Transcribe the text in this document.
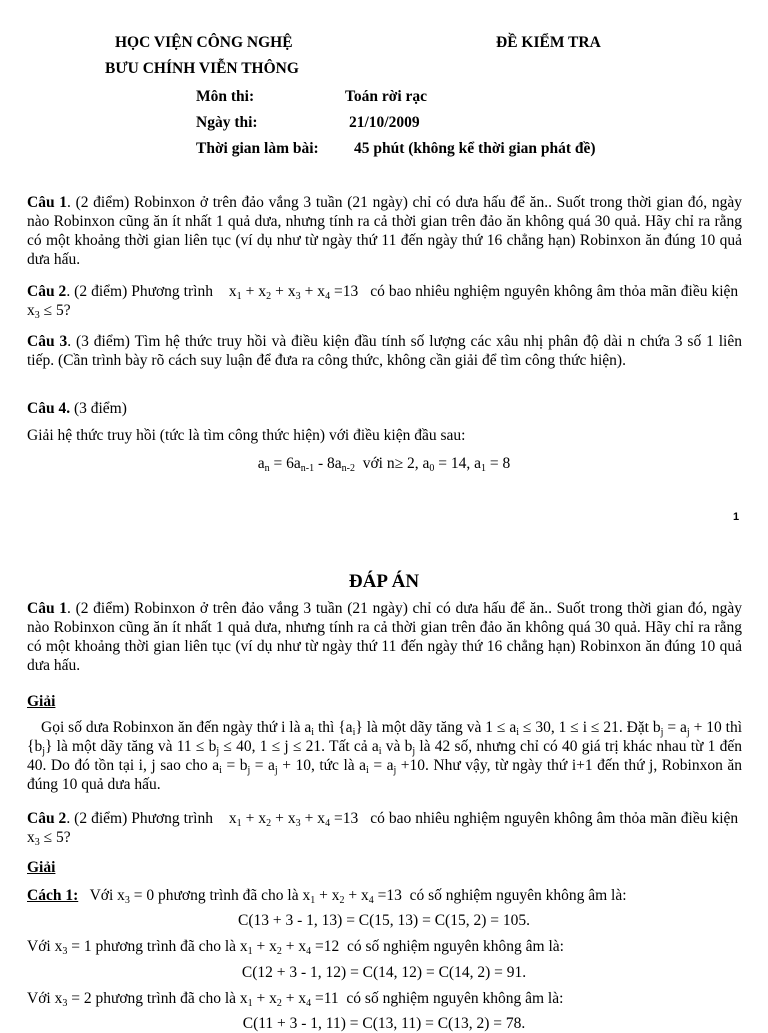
HỌC VIỆN CÔNG NGHỆ
BƯU CHÍNH VIỄN THÔNG
ĐỀ KIỂM TRA
Môn thi:	Toán rời rạc
Ngày thi:	21/10/2009
Thời gian làm bài: 45 phút (không kể thời gian phát đề)
Câu 1. (2 điểm) Robinxon ở trên đảo vắng 3 tuần (21 ngày) chỉ có dưa hấu để ăn.. Suốt trong thời gian đó, ngày nào Robinxon cũng ăn ít nhất 1 quả dưa, nhưng tính ra cả thời gian trên đảo ăn không quá 30 quả. Hãy chỉ ra rằng có một khoảng thời gian liên tục (ví dụ như từ ngày thứ 11 đến ngày thứ 16 chẳng hạn) Robinxon ăn đúng 10 quả dưa hấu.
Câu 2. (2 điểm) Phương trình $x_1 + x_2 + x_3 + x_4 =13$ có bao nhiêu nghiệm nguyên không âm thỏa mãn điều kiện  $x_3 \le 5$?
Câu 3. (3 điểm) Tìm hệ thức truy hồi và điều kiện đầu tính số lượng các xâu nhị phân độ dài n chứa 3 số 1 liên tiếp. (Cần trình bày rõ cách suy luận để đưa ra công thức, không cần giải để tìm công thức hiện).
Câu 4. (3 điểm)
Giải hệ thức truy hồi (tức là tìm công thức hiện) với điều kiện đầu sau:
$a_n = 6a_{n-1} - 8a_{n-2}$  với n≥ 2, $a_0 = 14$, $a_1 = 8$
1
ĐÁP ÁN
Câu 1. (2 điểm) Robinxon ở trên đảo vắng 3 tuần (21 ngày) chỉ có dưa hấu để ăn.. Suốt trong thời gian đó, ngày nào Robinxon cũng ăn ít nhất 1 quả dưa, nhưng tính ra cả thời gian trên đảo ăn không quá 30 quả. Hãy chỉ ra rằng có một khoảng thời gian liên tục (ví dụ như từ ngày thứ 11 đến ngày thứ 16 chẳng hạn) Robinxon ăn đúng 10 quả dưa hấu.
Giải
Gọi số dưa Robinxon ăn đến ngày thứ i là $a_i$ thì $\{a_i\}$ là một dãy tăng và $1 \le a_i \le 30$, 1 ≤ i ≤ 21. Đặt $b_j = a_j + 10$ thì $\{b_j\}$ là một dãy tăng và $11 \le b_j \le 40$, 1 ≤ j ≤ 21. Tất cả $a_i$ và $b_j$ là 42 số, nhưng chỉ có 40 giá trị khác nhau từ 1 đến 40. Do đó tồn tại i, j sao cho $a_i = b_j = a_j + 10$, tức là $a_i = a_j +10$. Như vậy, từ ngày thứ i+1 đến thứ j, Robinxon ăn đúng 10 quả dưa hấu.
Câu 2. (2 điểm) Phương trình $x_1 + x_2 + x_3 + x_4 =13$ có bao nhiêu nghiệm nguyên không âm thỏa mãn điều kiện  $x_3 \le 5$?
Giải
Cách 1:   Với $x_3 = 0$ phương trình đã cho là $x_1 + x_2 + x_4 =13$  có số nghiệm nguyên không âm là:
C(13 + 3 - 1, 13) = C(15, 13) = C(15, 2) = 105.
Với $x_3 = 1$ phương trình đã cho là $x_1 + x_2 + x_4 =12$  có số nghiệm nguyên không âm là:
C(12 + 3 - 1, 12) = C(14, 12) = C(14, 2) = 91.
Với $x_3 = 2$ phương trình đã cho là $x_1 + x_2 + x_4 =11$  có số nghiệm nguyên không âm là:
C(11 + 3 - 1, 11) = C(13, 11) = C(13, 2) = 78.
